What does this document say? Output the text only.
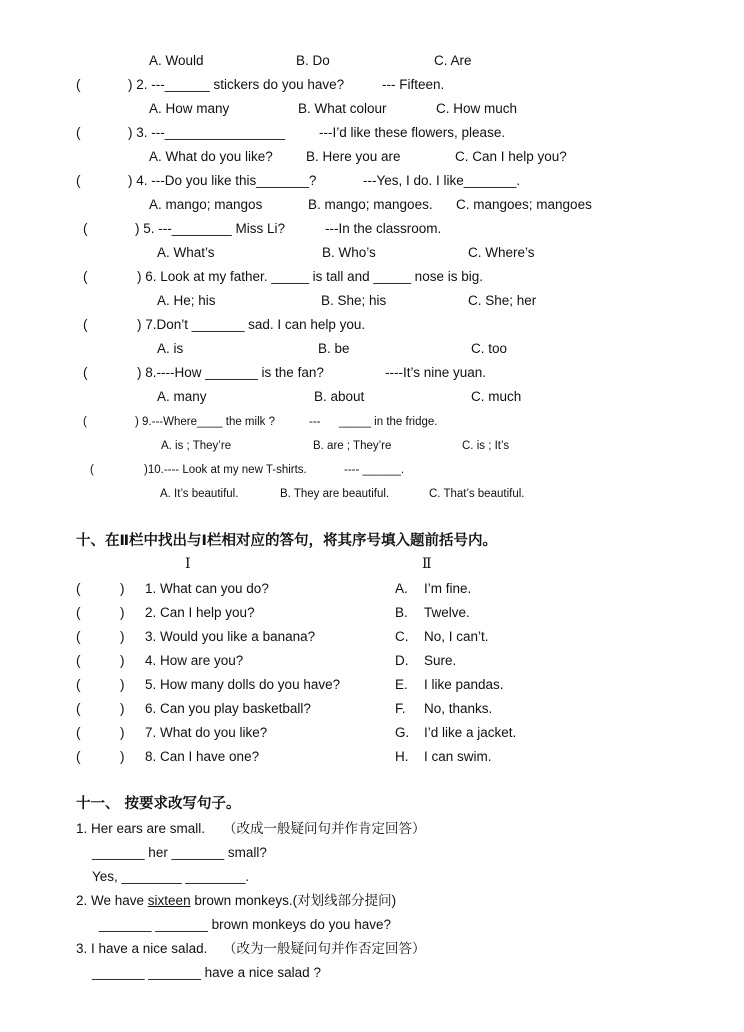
A. Would	B. Do	C. Are
(	) 2. ---______ stickers do you have?	--- Fifteen.
A. How many	B. What colour	C. How much
(	) 3. ---________________	---I’d like these flowers, please.
A. What do you like? B. Here you are	C. Can I help you?
(	) 4. ---Do you like this_______?	---Yes, I do. I like_______.
A. mango; mangos	B. mango; mangoes. C. mangoes; mangoes
(	) 5. ---________ Miss Li?	---In the classroom.
A. What’s	B. Who’s	C. Where’s
(	) 6. Look at my father. _____ is tall and _____ nose is big.
A. He; his	B. She; his	C. She; her
(	) 7.Don’t _______ sad. I can help you.
A. is	B. be	C. too
(	) 8.----How _______ is the fan?	----It’s nine yuan.
A. many	B. about	C. much
(	) 9.---Where____ the milk ?	--- _____ in the fridge.
A. is ; They’re	B. are ; They’re	C. is ; It’s
(	)10.---- Look at my new T-shirts.	---- ______.
A. It’s beautiful.	B. They are beautiful.	C. That’s beautiful.
十、在Ⅱ栏中找出与Ⅰ栏相对应的答句，将其序号填入题前括号内。
Ⅰ	Ⅱ
(	) 1. What can you do?	A. I’m fine.
(	) 2. Can I help you?	B. Twelve.
(	) 3. Would you like a banana?	C. No, I can’t.
(	) 4. How are you?	D. Sure.
(	) 5. How many dolls do you have?	E. I like pandas.
(	) 6. Can you play basketball?	F. No, thanks.
(	) 7. What do you like?	G. I’d like a jacket.
(	) 8. Can I have one?	H. I can swim.
十一、 按要求改写句子。
1. Her ears are small. （改成一般疑问句并作肯定回答）
_______ her _______ small?
Yes, ________ ________.
2. We have sixteen brown monkeys.(对划线部分提问)
_______ _______ brown monkeys do you have?
3. I have a nice salad. （改为一般疑问句并作否定回答）
_______ _______ have a nice salad ?
